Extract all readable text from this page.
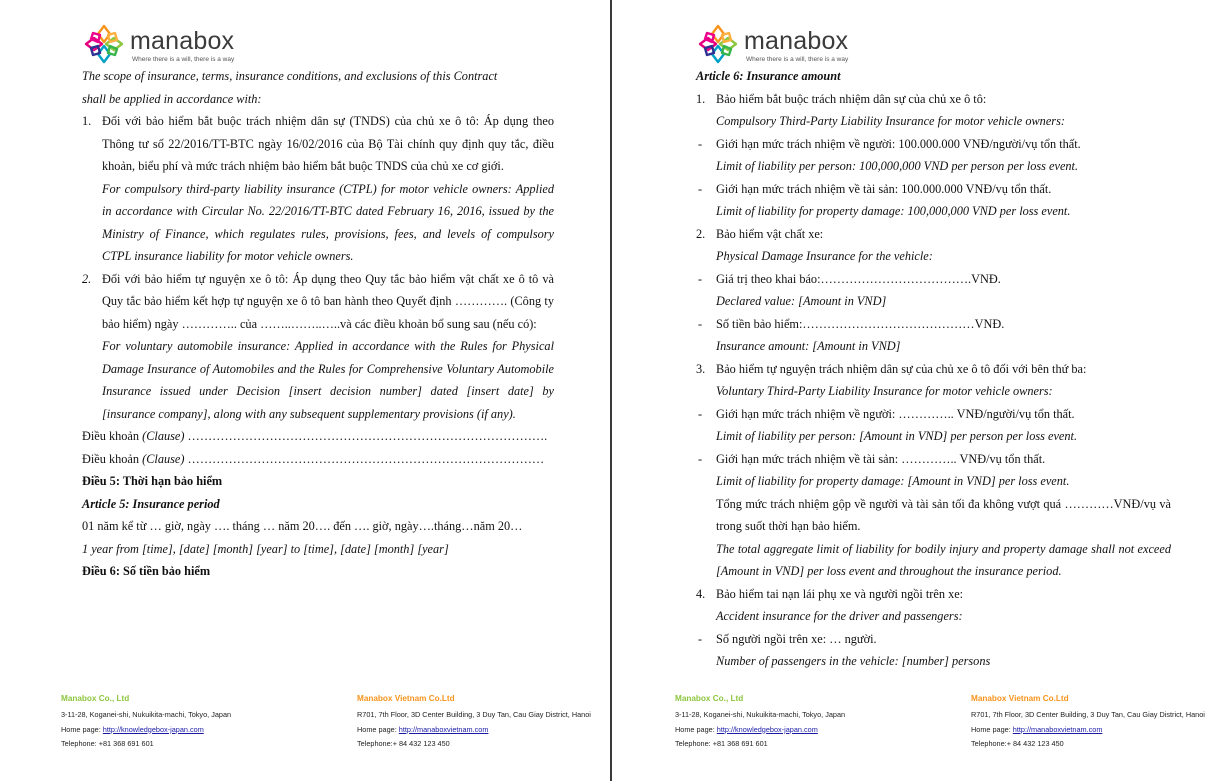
manabox
Where there is a will, there is a way
The scope of insurance, terms, insurance conditions, and exclusions of this Contract
shall be applied in accordance with:
1. Đối với bảo hiểm bắt buộc trách nhiệm dân sự (TNDS) của chủ xe ô tô: Áp dụng theo Thông tư số 22/2016/TT-BTC ngày 16/02/2016 của Bộ Tài chính quy định quy tắc, điều khoản, biểu phí và mức trách nhiệm bảo hiểm bắt buộc TNDS của chủ xe cơ giới.
For compulsory third-party liability insurance (CTPL) for motor vehicle owners: Applied in accordance with Circular No. 22/2016/TT-BTC dated February 16, 2016, issued by the Ministry of Finance, which regulates rules, provisions, fees, and levels of compulsory CTPL insurance liability for motor vehicle owners.
2. Đối với bảo hiểm tự nguyện xe ô tô: Áp dụng theo Quy tắc bảo hiểm vật chất xe ô tô và Quy tắc bảo hiểm kết hợp tự nguyện xe ô tô ban hành theo Quyết định …………. (Công ty bảo hiểm) ngày ………….. của ……..……..…..và các điều khoản bổ sung sau (nếu có):
For voluntary automobile insurance: Applied in accordance with the Rules for Physical Damage Insurance of Automobiles and the Rules for Comprehensive Voluntary Automobile Insurance issued under Decision [insert decision number] dated [insert date] by [insurance company], along with any subsequent supplementary provisions (if any).
Điều khoản (Clause) …………………………………………………………………………….
Điều khoản (Clause) ……………………………………………………………………………
Điều 5: Thời hạn bảo hiểm
Article 5: Insurance period
01 năm kể từ … giờ, ngày …. tháng … năm 20…. đến …. giờ, ngày….tháng…năm 20…
1 year from [time], [date] [month] [year] to [time], [date] [month] [year]
Điều 6: Số tiền bảo hiểm
Manabox Co., Ltd
3-11-28, Koganei-shi, Nukuikita-machi, Tokyo, Japan
Home page: http://knowledgebox-japan.com
Telephone: +81 368 691 601
Manabox Vietnam Co.Ltd
R701, 7th Floor, 3D Center Building, 3 Duy Tan, Cau Giay District, Hanoi
Home page: http://manaboxvietnam.com
Telephone:+ 84 432 123 450
manabox
Where there is a will, there is a way
Article 6: Insurance amount
1. Bảo hiểm bắt buộc trách nhiệm dân sự của chủ xe ô tô:
Compulsory Third-Party Liability Insurance for motor vehicle owners:
-	Giới hạn mức trách nhiệm về người: 100.000.000 VNĐ/người/vụ tổn thất.
Limit of liability per person: 100,000,000 VND per person per loss event.
-	Giới hạn mức trách nhiệm về tài sản: 100.000.000 VNĐ/vụ tổn thất.
Limit of liability for property damage: 100,000,000 VND per loss event.
2. Bảo hiểm vật chất xe:
Physical Damage Insurance for the vehicle:
-	Giá trị theo khai báo:……………………………….VNĐ.
Declared value: [Amount in VND]
-	Số tiền bảo hiểm:……………………………………VNĐ.
Insurance amount: [Amount in VND]
3. Bảo hiểm tự nguyện trách nhiệm dân sự của chủ xe ô tô đối với bên thứ ba:
Voluntary Third-Party Liability Insurance for motor vehicle owners:
-	Giới hạn mức trách nhiệm về người: ………….. VNĐ/người/vụ tổn thất.
Limit of liability per person: [Amount in VND] per person per loss event.
-	Giới hạn mức trách nhiệm về tài sản: ………….. VNĐ/vụ tổn thất.
Limit of liability for property damage: [Amount in VND] per loss event.
Tổng mức trách nhiệm gộp về người và tài sản tối đa không vượt quá …………VNĐ/vụ và trong suốt thời hạn bảo hiểm.
The total aggregate limit of liability for bodily injury and property damage shall not exceed [Amount in VND] per loss event and throughout the insurance period.
4. Bảo hiểm tai nạn lái phụ xe và người ngồi trên xe:
Accident insurance for the driver and passengers:
-	Số người ngồi trên xe: … người.
Number of passengers in the vehicle: [number] persons
Manabox Co., Ltd
3-11-28, Koganei-shi, Nukuikita-machi, Tokyo, Japan
Home page: http://knowledgebox-japan.com
Telephone: +81 368 691 601
Manabox Vietnam Co.Ltd
R701, 7th Floor, 3D Center Building, 3 Duy Tan, Cau Giay District, Hanoi
Home page: http://manaboxvietnam.com
Telephone:+ 84 432 123 450
